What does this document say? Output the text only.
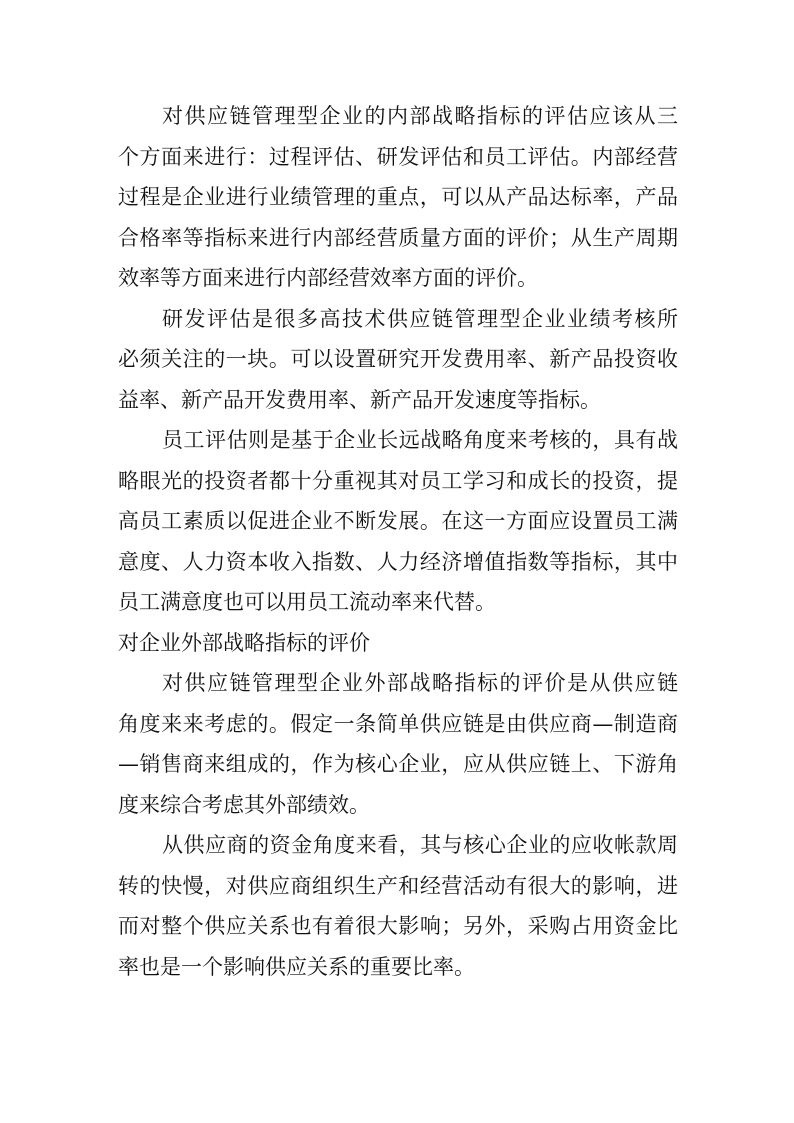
对供应链管理型企业的内部战略指标的评估应该从三
个方面来进行：过程评估、研发评估和员工评估。内部经营
过程是企业进行业绩管理的重点，可以从产品达标率，产品
合格率等指标来进行内部经营质量方面的评价；从生产周期
效率等方面来进行内部经营效率方面的评价。
研发评估是很多高技术供应链管理型企业业绩考核所
必须关注的一块。可以设置研究开发费用率、新产品投资收
益率、新产品开发费用率、新产品开发速度等指标。
员工评估则是基于企业长远战略角度来考核的，具有战
略眼光的投资者都十分重视其对员工学习和成长的投资，提
高员工素质以促进企业不断发展。在这一方面应设置员工满
意度、人力资本收入指数、人力经济增值指数等指标，其中
员工满意度也可以用员工流动率来代替。
对企业外部战略指标的评价
对供应链管理型企业外部战略指标的评价是从供应链
角度来来考虑的。假定一条简单供应链是由供应商—制造商
—销售商来组成的，作为核心企业，应从供应链上、下游角
度来综合考虑其外部绩效。
从供应商的资金角度来看，其与核心企业的应收帐款周
转的快慢，对供应商组织生产和经营活动有很大的影响，进
而对整个供应关系也有着很大影响；另外，采购占用资金比
率也是一个影响供应关系的重要比率。
